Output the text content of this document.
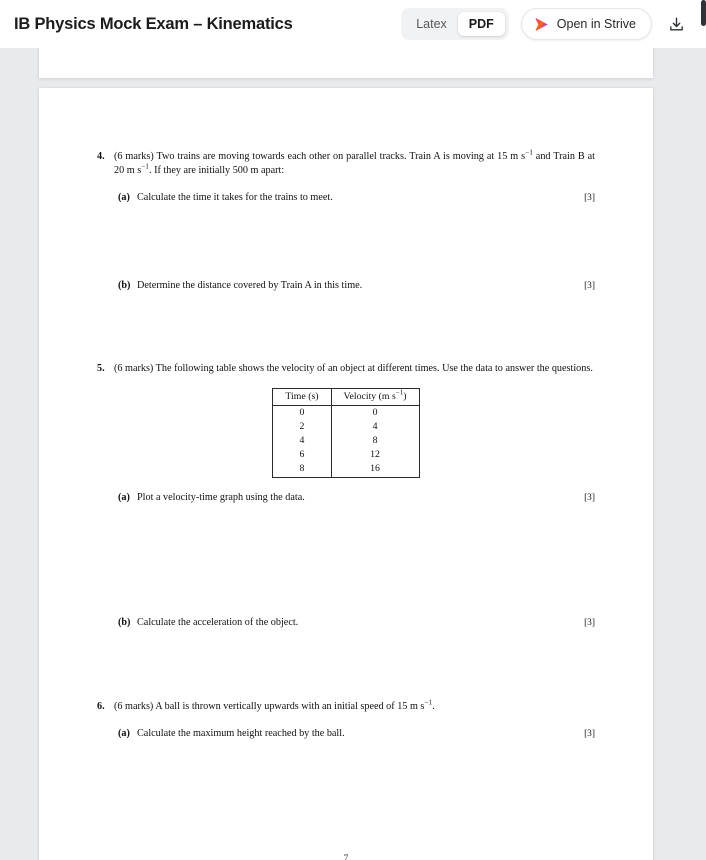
IB Physics Mock Exam – Kinematics	Latex	PDF	Open in Strive
4. (6 marks) Two trains are moving towards each other on parallel tracks. Train A is moving at 15 m $s^{-1}$ and Train B at 20 m $s^{-1}$. If they are initially 500 m apart:
(a) Calculate the time it takes for the trains to meet.	[3]
(b) Determine the distance covered by Train A in this time.	[3]
5. (6 marks) The following table shows the velocity of an object at different times. Use the data to answer the questions.
Time (s)	Velocity (m $s^{-1}$)
0	0
2	4
4	8
6	12
8	16
(a) Plot a velocity-time graph using the data.	[3]
(b) Calculate the acceleration of the object.	[3]
6. (6 marks) A ball is thrown vertically upwards with an initial speed of 15 m $s^{-1}$.
(a) Calculate the maximum height reached by the ball.	[3]
7
